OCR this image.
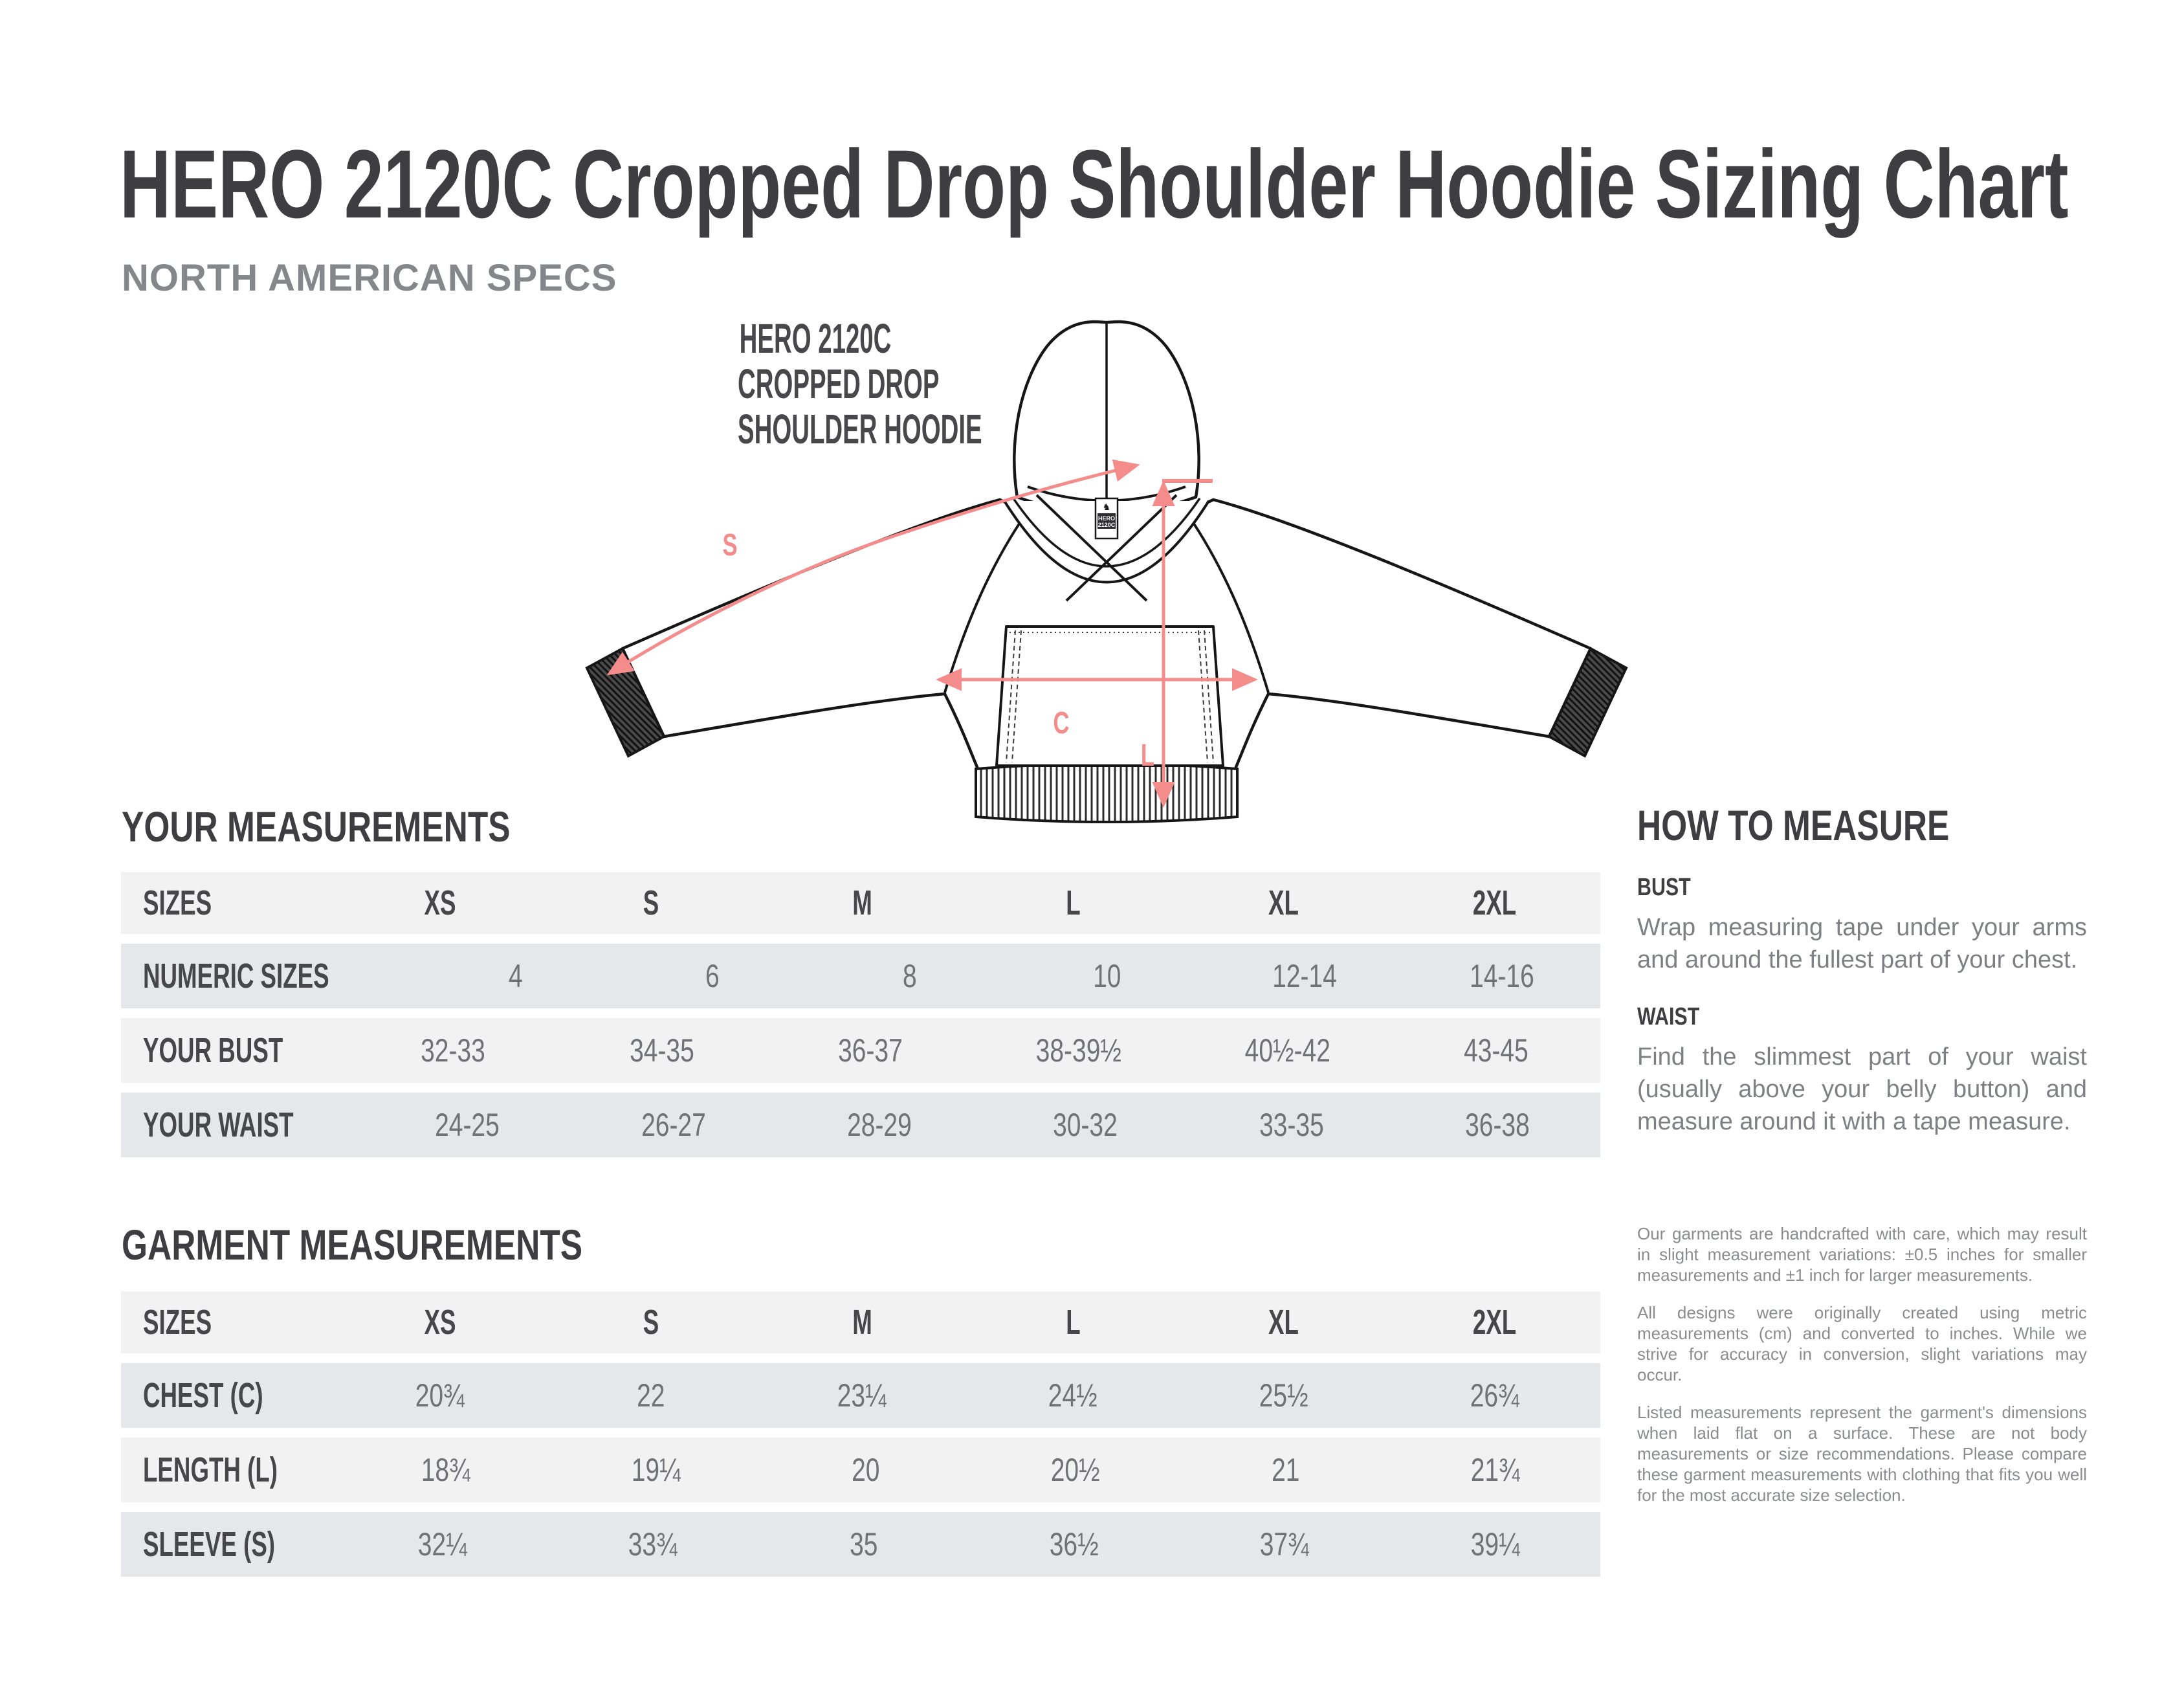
HERO 2120C Cropped Drop Shoulder Hoodie Sizing Chart
NORTH AMERICAN SPECS
♞
HERO
2120C
S
C
L
HERO 2120C
CROPPED DROP
SHOULDER HOODIE
YOUR MEASUREMENTS
SIZES	XS	S	M	L	XL	2XL
NUMERIC SIZES	4	6	8	10	12-14	14-16
YOUR BUST	32-33	34-35	36-37	38-39½	40½-42	43-45
YOUR WAIST	24-25	26-27	28-29	30-32	33-35	36-38
GARMENT MEASUREMENTS
SIZES	XS	S	M	L	XL	2XL
CHEST (C)	20¾	22	23¼	24½	25½	26¾
LENGTH (L)	18¾	19¼	20	20½	21	21¾
SLEEVE (S)	32¼	33¾	35	36½	37¾	39¼
HOW TO MEASURE
BUST

Wrap measuring tape under your arms and around the fullest part of your chest.

WAIST

Find the slimmest part of your waist (usually above your belly button) and measure around it with a tape measure.

Our garments are handcrafted with care, which may result in slight measurement variations: ±0.5 inches for smaller measurements and ±1 inch for larger measurements.

All designs were originally created using metric measurements (cm) and converted to inches. While we strive for accuracy in conversion, slight variations may occur.

Listed measurements represent the garment's dimensions when laid flat on a surface. These are not body measurements or size recommendations. Please compare these garment measurements with clothing that fits you well for the most accurate size selection.
